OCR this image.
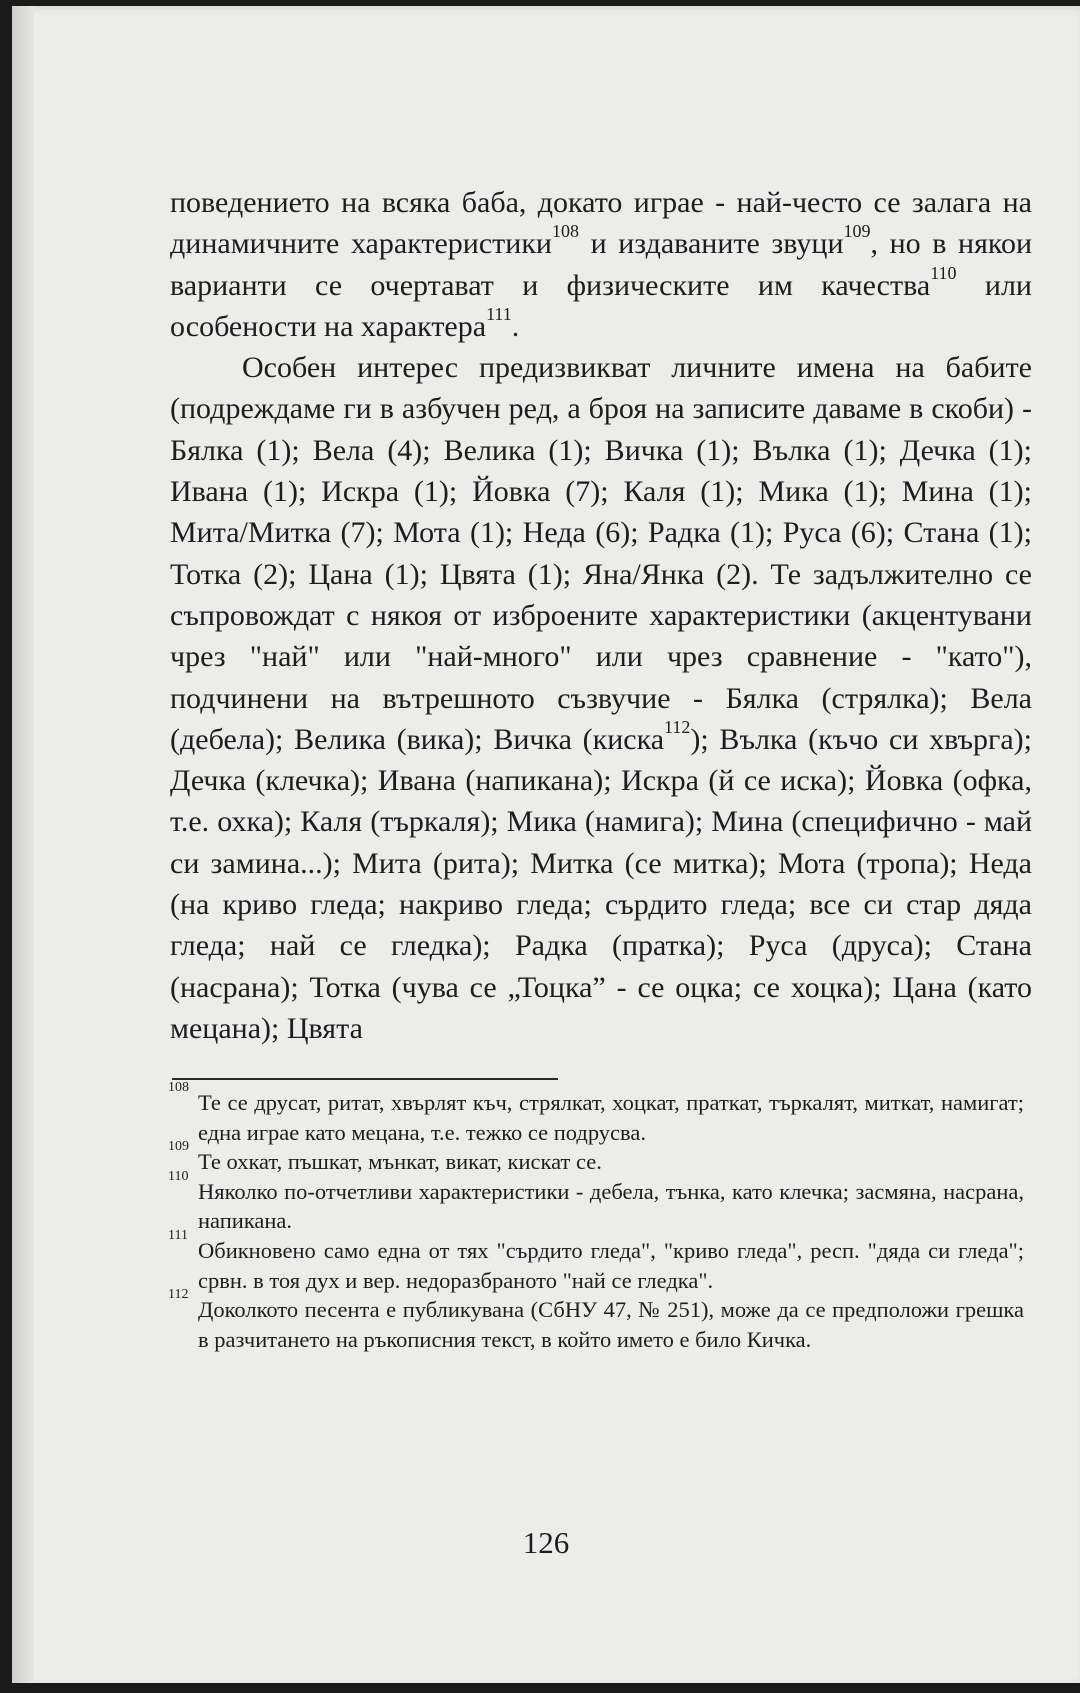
поведението на всяка баба, докато играе - най-често се залага на динамичните характеристики$^{108}$ и издаваните звуци$^{109}$, но в някои варианти се очертават и физическите им качества$^{110}$ или особености на характера$^{111}$.

Особен интерес предизвикват личните имена на бабите (подреждаме ги в азбучен ред, а броя на записите даваме в скоби) - Бялка (1); Вела (4); Велика (1); Вичка (1); Вълка (1); Дечка (1); Ивана (1); Искра (1); Йовка (7); Каля (1); Мика (1); Мина (1); Мита/Митка (7); Мота (1); Неда (6); Радка (1); Руса (6); Стана (1); Тотка (2); Цана (1); Цвята (1); Яна/Янка (2). Те задължително се съпровождат с някоя от изброените характеристики (акцентувани чрез "най" или "най-много" или чрез сравнение - "като"), подчинени на вътрешното съзвучие - Бялка (стрялка); Вела (дебела); Велика (вика); Вичка (киска$^{112}$); Вълка (къчо си хвърга); Дечка (клечка); Ивана (напикана); Искра (й се иска); Йовка (офка, т.е. охка); Каля (търкаля); Мика (намига); Мина (специфично - май си замина...); Мита (рита); Митка (се митка); Мота (тропа); Неда (на криво гледа; накриво гледа; сърдито гледа; все си стар дяда гледа; най се гледка); Радка (пратка); Руса (друса); Стана (насрана); Тотка (чува се „Тоцка” - се оцка; се хоцка); Цана (като мецана); Цвята

108
Те се друсат, ритат, хвърлят къч, стрялкат, хоцкат, праткат, търкалят, миткат, намигат; една играе като мецана, т.е. тежко се подрусва.

109
Те охкат, пъшкат, мънкат, викат, кискат се.

110
Няколко по-отчетливи характеристики - дебела, тънка, като клечка; засмяна, насрана, напикана.

111
Обикновено само една от тях "сърдито гледа", "криво гледа", респ. "дяда си гледа"; срвн. в тоя дух и вер. недоразбраното "най се гледка".

112
Доколкото песента е публикувана (СбНУ 47, № 251), може да се предположи грешка в разчитането на ръкописния текст, в който името е било Кичка.

126
